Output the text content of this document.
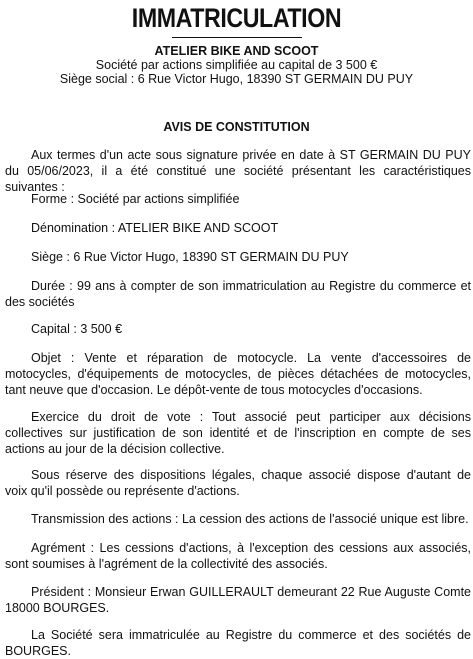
IMMATRICULATION
ATELIER BIKE AND SCOOT
Société par actions simplifiée au capital de 3 500 €
Siège social : 6 Rue Victor Hugo, 18390 ST GERMAIN DU PUY
AVIS DE CONSTITUTION
Aux termes d'un acte sous signature privée en date à ST GERMAIN DU PUY du 05/06/2023, il a été constitué une société présentant les caractéristiques suivantes :
Forme : Société par actions simplifiée
Dénomination : ATELIER BIKE AND SCOOT
Siège : 6 Rue Victor Hugo, 18390 ST GERMAIN DU PUY
Durée : 99 ans à compter de son immatriculation au Registre du commerce et des sociétés
Capital : 3 500 €
Objet : Vente et réparation de motocycle. La vente d'accessoires de motocycles, d'équipements de motocycles, de pièces détachées de motocycles, tant neuve que d'occasion. Le dépôt-vente de tous motocycles d'occasions.
Exercice du droit de vote : Tout associé peut participer aux décisions collectives sur justification de son identité et de l'inscription en compte de ses actions au jour de la décision collective.
Sous réserve des dispositions légales, chaque associé dispose d'autant de voix qu'il possède ou représente d'actions.
Transmission des actions : La cession des actions de l'associé unique est libre.
Agrément : Les cessions d'actions, à l'exception des cessions aux associés, sont soumises à l'agrément de la collectivité des associés.
Président : Monsieur Erwan GUILLERAULT demeurant 22 Rue Auguste Comte 18000 BOURGES.
La Société sera immatriculée au Registre du commerce et des sociétés de BOURGES.
